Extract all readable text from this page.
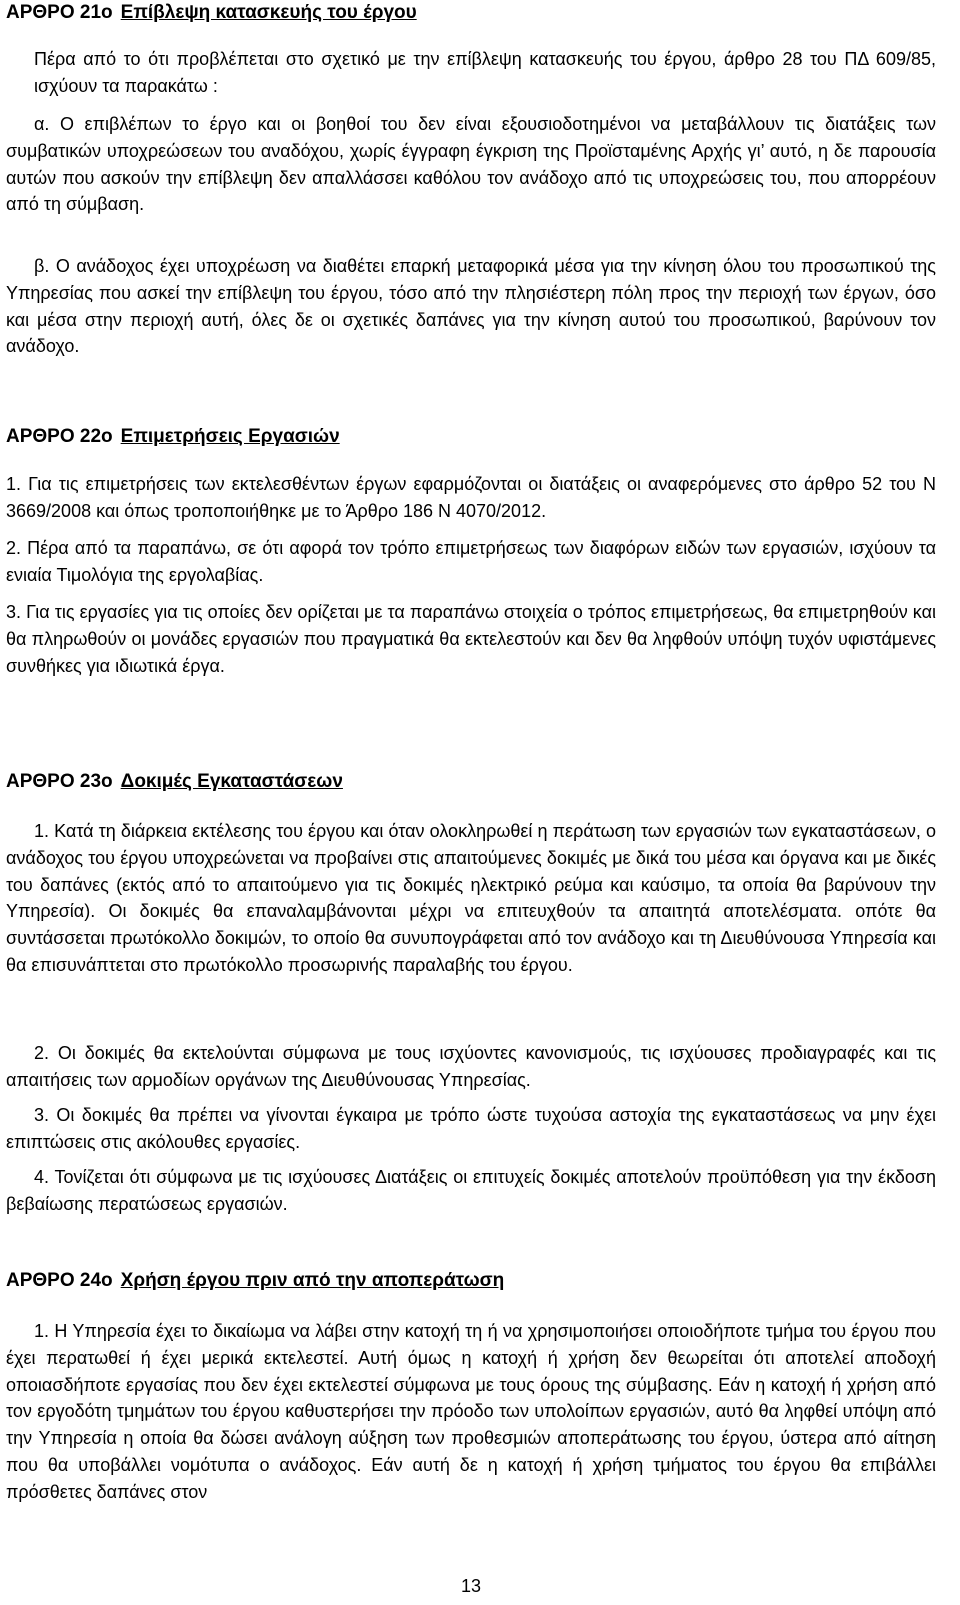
ΑΡΘΡΟ 21ο Επίβλεψη κατασκευής του έργου

Πέρα από το ότι προβλέπεται στο σχετικό με την επίβλεψη κατασκευής του έργου, άρθρο 28 του ΠΔ 609/85, ισχύουν τα παρακάτω :

α. Ο επιβλέπων το έργο και οι βοηθοί του δεν είναι εξουσιοδοτημένοι να μεταβάλλουν τις διατάξεις των συμβατικών υποχρεώσεων του αναδόχου, χωρίς έγγραφη έγκριση της Προϊσταμένης Αρχής γι’ αυτό, η δε παρουσία αυτών που ασκούν την επίβλεψη δεν απαλλάσσει καθόλου τον ανάδοχο από τις υποχρεώσεις του, που απορρέουν από τη σύμβαση.

β. Ο ανάδοχος έχει υποχρέωση να διαθέτει επαρκή μεταφορικά μέσα για την κίνηση όλου του προσωπικού της Υπηρεσίας που ασκεί την επίβλεψη του έργου, τόσο από την πλησιέστερη πόλη προς την περιοχή των έργων, όσο και μέσα στην περιοχή αυτή, όλες δε οι σχετικές δαπάνες για την κίνηση αυτού του προσωπικού, βαρύνουν τον ανάδοχο.

ΑΡΘΡΟ 22ο Επιμετρήσεις Εργασιών

1. Για τις επιμετρήσεις των εκτελεσθέντων έργων εφαρμόζονται οι διατάξεις οι αναφερόμενες στο άρθρο 52 του Ν 3669/2008 και όπως τροποποιήθηκε με το Άρθρο 186 Ν 4070/2012.

2. Πέρα από τα παραπάνω, σε ότι αφορά τον τρόπο επιμετρήσεως των διαφόρων ειδών των εργασιών, ισχύουν τα ενιαία Τιμολόγια της εργολαβίας.

3. Για τις εργασίες για τις οποίες δεν ορίζεται με τα παραπάνω στοιχεία ο τρόπος επιμετρήσεως, θα επιμετρηθούν και θα πληρωθούν οι μονάδες εργασιών που πραγματικά θα εκτελεστούν και δεν θα ληφθούν υπόψη τυχόν υφιστάμενες συνθήκες για ιδιωτικά έργα.

ΑΡΘΡΟ 23ο Δοκιμές Εγκαταστάσεων

1. Κατά τη διάρκεια εκτέλεσης του έργου και όταν ολοκληρωθεί η περάτωση των εργασιών των εγκαταστάσεων, ο ανάδοχος του έργου υποχρεώνεται να προβαίνει στις απαιτούμενες δοκιμές με δικά του μέσα και όργανα και με δικές του δαπάνες (εκτός από το απαιτούμενο για τις δοκιμές ηλεκτρικό ρεύμα και καύσιμο, τα οποία θα βαρύνουν την Υπηρεσία). Οι δοκιμές θα επαναλαμβάνονται μέχρι να επιτευχθούν τα απαιτητά αποτελέσματα. οπότε θα συντάσσεται πρωτόκολλο δοκιμών, το οποίο θα συνυπογράφεται από τον ανάδοχο και τη Διευθύνουσα Υπηρεσία και θα επισυνάπτεται στο πρωτόκολλο προσωρινής παραλαβής του έργου.

2. Οι δοκιμές θα εκτελούνται σύμφωνα με τους ισχύοντες κανονισμούς, τις ισχύουσες προδιαγραφές και τις απαιτήσεις των αρμοδίων οργάνων της Διευθύνουσας Υπηρεσίας.

3. Οι δοκιμές θα πρέπει να γίνονται έγκαιρα με τρόπο ώστε τυχούσα αστοχία της εγκαταστάσεως να μην έχει επιπτώσεις στις ακόλουθες εργασίες.

4. Τονίζεται ότι σύμφωνα με τις ισχύουσες Διατάξεις οι επιτυχείς δοκιμές αποτελούν προϋπόθεση για την έκδοση βεβαίωσης περατώσεως εργασιών.

ΑΡΘΡΟ 24ο Χρήση έργου πριν από την αποπεράτωση

1. Η Υπηρεσία έχει το δικαίωμα να λάβει στην κατοχή τη ή να χρησιμοποιήσει οποιοδήποτε τμήμα του έργου που έχει περατωθεί ή έχει μερικά εκτελεστεί. Αυτή όμως η κατοχή ή χρήση δεν θεωρείται ότι αποτελεί αποδοχή οποιασδήποτε εργασίας που δεν έχει εκτελεστεί σύμφωνα με τους όρους της σύμβασης. Εάν η κατοχή ή χρήση από τον εργοδότη τμημάτων του έργου καθυστερήσει την πρόοδο των υπολοίπων εργασιών, αυτό θα ληφθεί υπόψη από την Υπηρεσία η οποία θα δώσει ανάλογη αύξηση των προθεσμιών αποπεράτωσης του έργου, ύστερα από αίτηση που θα υποβάλλει νομότυπα ο ανάδοχος. Εάν αυτή δε η κατοχή ή χρήση τμήματος του έργου θα επιβάλλει πρόσθετες δαπάνες στον

13
